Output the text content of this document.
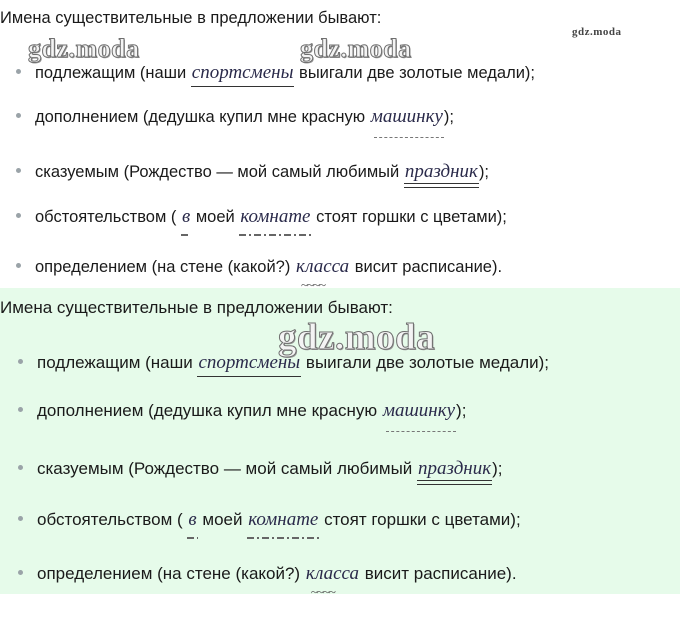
Имена существительные в предложении бывают:
gdz.moda	gdz.moda
gdz.moda
подлежащим (наши спортсмены выигали две золотые медали);
дополнением (дедушка купил мне красную машинку);
сказуемым (Рождество — мой самый любимый праздник);
обстоятельством ( в моей комнате стоят горшки с цветами);
определением (на стене (какой?) класса ~~~~ висит расписание).
Имена существительные в предложении бывают:
gdz.moda
подлежащим (наши спортсмены выигали две золотые медали);
дополнением (дедушка купил мне красную машинку);
сказуемым (Рождество — мой самый любимый праздник);
обстоятельством ( в моей комнате стоят горшки с цветами);
определением (на стене (какой?) класса ~~~~ висит расписание).
